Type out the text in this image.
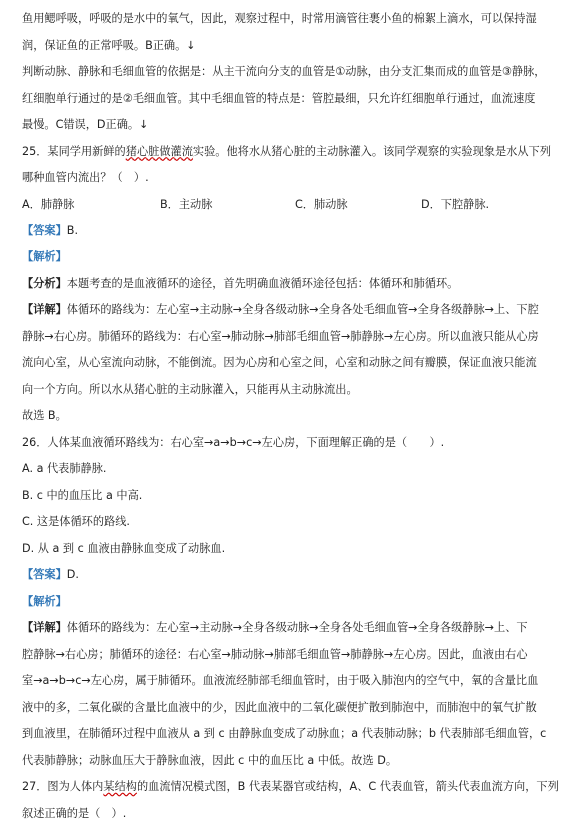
鱼用鳃呼吸，呼吸的是水中的氧气，因此，观察过程中，时常用滴管往裹小鱼的棉絮上滴水，可以保持湿

润，保证鱼的正常呼吸。B正确。↓

判断动脉、静脉和毛细血管的依据是：从主干流向分支的血管是①动脉，由分支汇集而成的血管是③静脉，

红细胞单行通过的是②毛细血管。其中毛细血管的特点是：管腔最细，只允许红细胞单行通过，血流速度

最慢。C错误，D正确。↓

25．某同学用新鲜的猪心脏做灌流实验。他将水从猪心脏的主动脉灌入。该同学观察的实验现象是水从下列

哪种血管内流出？（　）.

A．肺静脉	B．主动脉	C．肺动脉	D．下腔静脉.

【答案】B.

【解析】

【分析】本题考查的是血液循环的途径，首先明确血液循环途径包括：体循环和肺循环。

【详解】体循环的路线为：左心室→主动脉→全身各级动脉→全身各处毛细血管→全身各级静脉→上、下腔

静脉→右心房。肺循环的路线为：右心室→肺动脉→肺部毛细血管→肺静脉→左心房。所以血液只能从心房

流向心室，从心室流向动脉，不能倒流。因为心房和心室之间，心室和动脉之间有瓣膜，保证血液只能流

向一个方向。所以水从猪心脏的主动脉灌入，只能再从主动脉流出。

故选 B。

26．人体某血液循环路线为：右心室→a→b→c→左心房，下面理解正确的是（　　）.

A. a 代表肺静脉.

B. c 中的血压比 a 中高.

C. 这是体循环的路线.

D. 从 a 到 c 血液由静脉血变成了动脉血.

【答案】D.

【解析】

【详解】体循环的路线为：左心室→主动脉→全身各级动脉→全身各处毛细血管→全身各级静脉→上、下

腔静脉→右心房；肺循环的途径：右心室→肺动脉→肺部毛细血管→肺静脉→左心房。因此，血液由右心

室→a→b→c→左心房，属于肺循环。血液流经肺部毛细血管时，由于吸入肺泡内的空气中，氧的含量比血

液中的多，二氧化碳的含量比血液中的少，因此血液中的二氧化碳便扩散到肺泡中，而肺泡中的氧气扩散

到血液里，在肺循环过程中血液从 a 到 c 由静脉血变成了动脉血；a 代表肺动脉；b 代表肺部毛细血管，c

代表肺静脉；动脉血压大于静脉血液，因此 c 中的血压比 a 中低。故选 D。

27．图为人体内某结构的血流情况模式图，B 代表某器官或结构，A、C 代表血管，箭头代表血流方向，下列

叙述正确的是（　）.
